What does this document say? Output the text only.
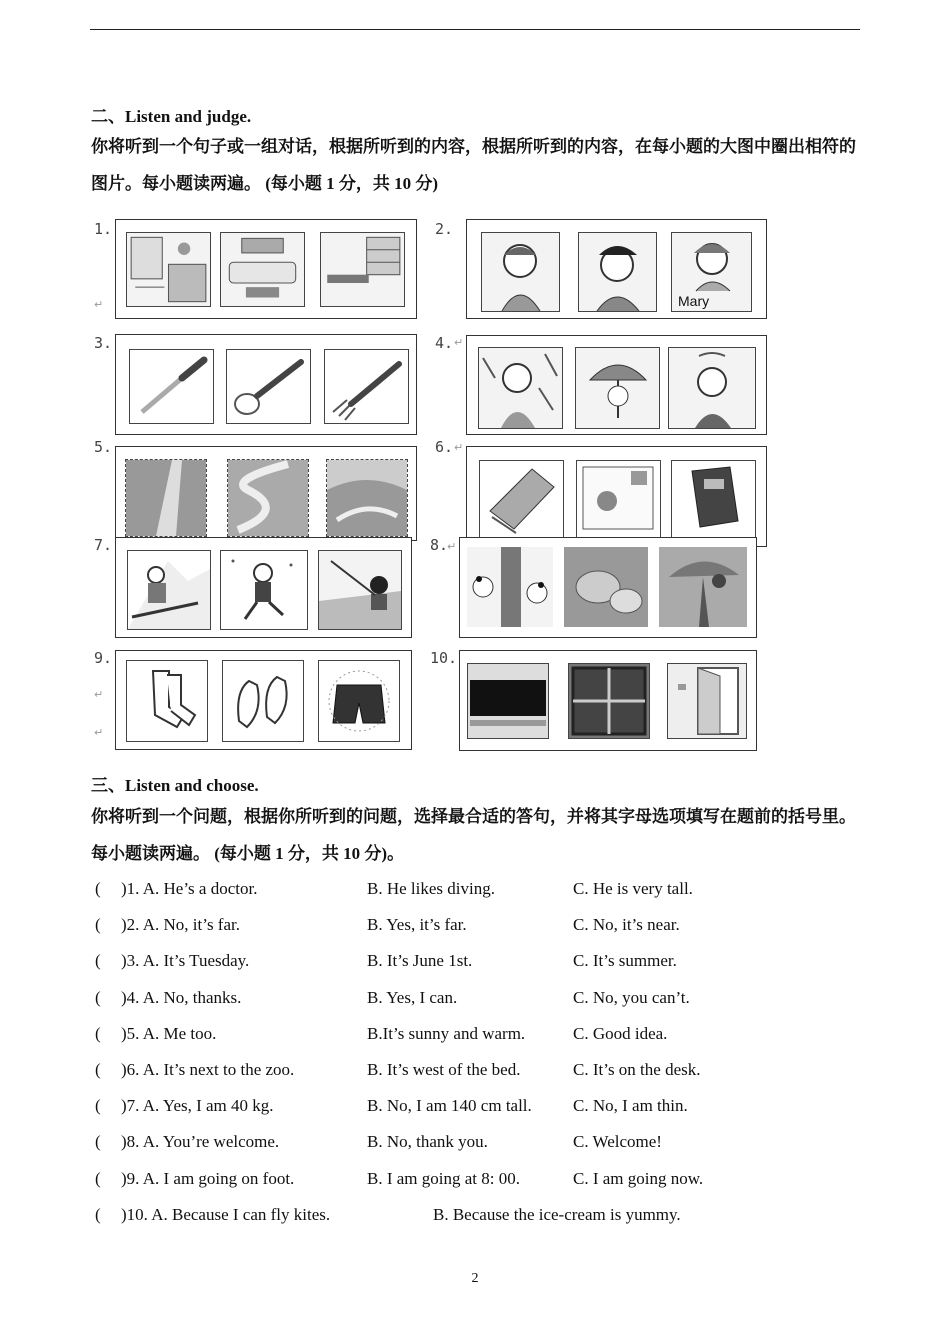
二、Listen and judge.
你将听到一个句子或一组对话，根据所听到的内容，根据所听到的内容，在每小题的大图中圈出相符的图片。每小题读两遍。 (每小题 1 分，共 10 分)
1.
↵
2.
Mary
3.	4. ↵
5.	6. ↵
7.	8.
↵
9.
↵
↵
10.
三、Listen and choose.
你将听到一个问题，根据你所听到的问题，选择最合适的答句，并将其字母选项填写在题前的括号里。每小题读两遍。 (每小题 1 分，共 10 分)。
( )1. A. He’s a doctor.	B. He likes diving.	C. He is very tall.
( )2. A. No, it’s far.	B. Yes, it’s far.	C. No, it’s near.
( )3. A. It’s Tuesday.	B. It’s June 1st.	C. It’s summer.
( )4. A. No, thanks.	B. Yes, I can.	C. No, you can’t.
( )5. A. Me too.	B.It’s sunny and warm.	C. Good idea.
( )6. A. It’s next to the zoo.	B. It’s west of the bed.	C. It’s on the desk.
( )7. A. Yes, I am 40 kg.	B. No, I am 140 cm tall. C. No, I am thin.
( )8. A. You’re welcome.	B. No, thank you.	C. Welcome!
( )9. A. I am going on foot.	B. I am going at 8: 00.	C. I am going now.
( )10. A. Because I can fly kites.	B. Because the ice-cream is yummy.
2
